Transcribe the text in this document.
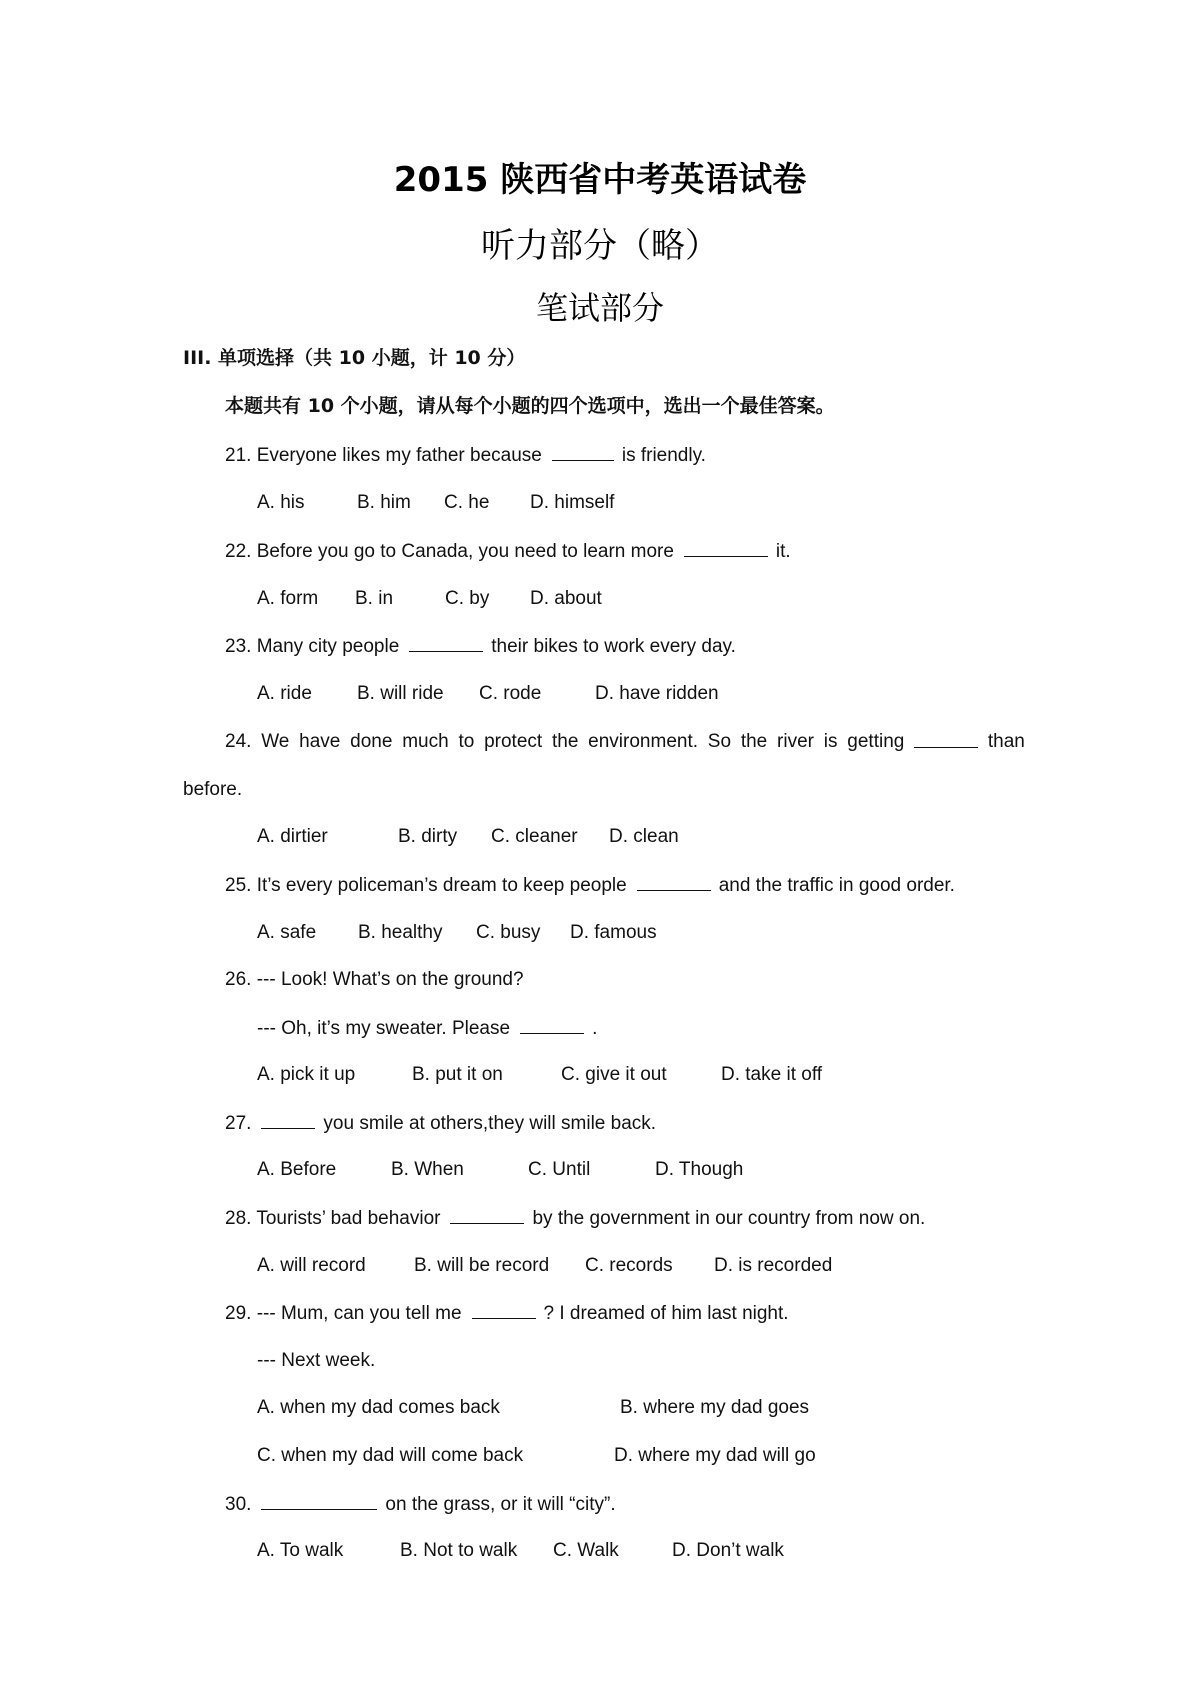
2015 陕西省中考英语试卷
听力部分（略）
笔试部分
III. 单项选择（共 10 小题，计 10 分）
本题共有 10 个小题，请从每个小题的四个选项中，选出一个最佳答案。
21. Everyone likes my father because	is friendly.
A. his	B. him C. he D. himself
22. Before you go to Canada, you need to learn more	it.
A. form B. in	C. by D. about
23. Many city people	their bikes to work every day.
A. ride B. will ride C. rode	D. have ridden
24. We have done much to protect the environment. So the river is getting	than
before.
A. dirtier	B. dirty C. cleaner D. clean
25. It’s every policeman’s dream to keep people	and the traffic in good order.
A. safe B. healthy C. busy D. famous
26. --- Look! What’s on the ground?
--- Oh, it’s my sweater. Please	.
A. pick it up	B. put it on	C. give it out	D. take it off
27.	you smile at others,they will smile back.
A. Before	B. When	C. Until	D. Though
28. Tourists’ bad behavior	by the government in our country from now on.
A. will record	B. will be record C. records D. is recorded
29. --- Mum, can you tell me	? I dreamed of him last night.
--- Next week.
A. when my dad comes back	B. where my dad goes
C. when my dad will come back	D. where my dad will go
30.	on the grass, or it will “city”.
A. To walk	B. Not to walk C. Walk	D. Don’t walk
